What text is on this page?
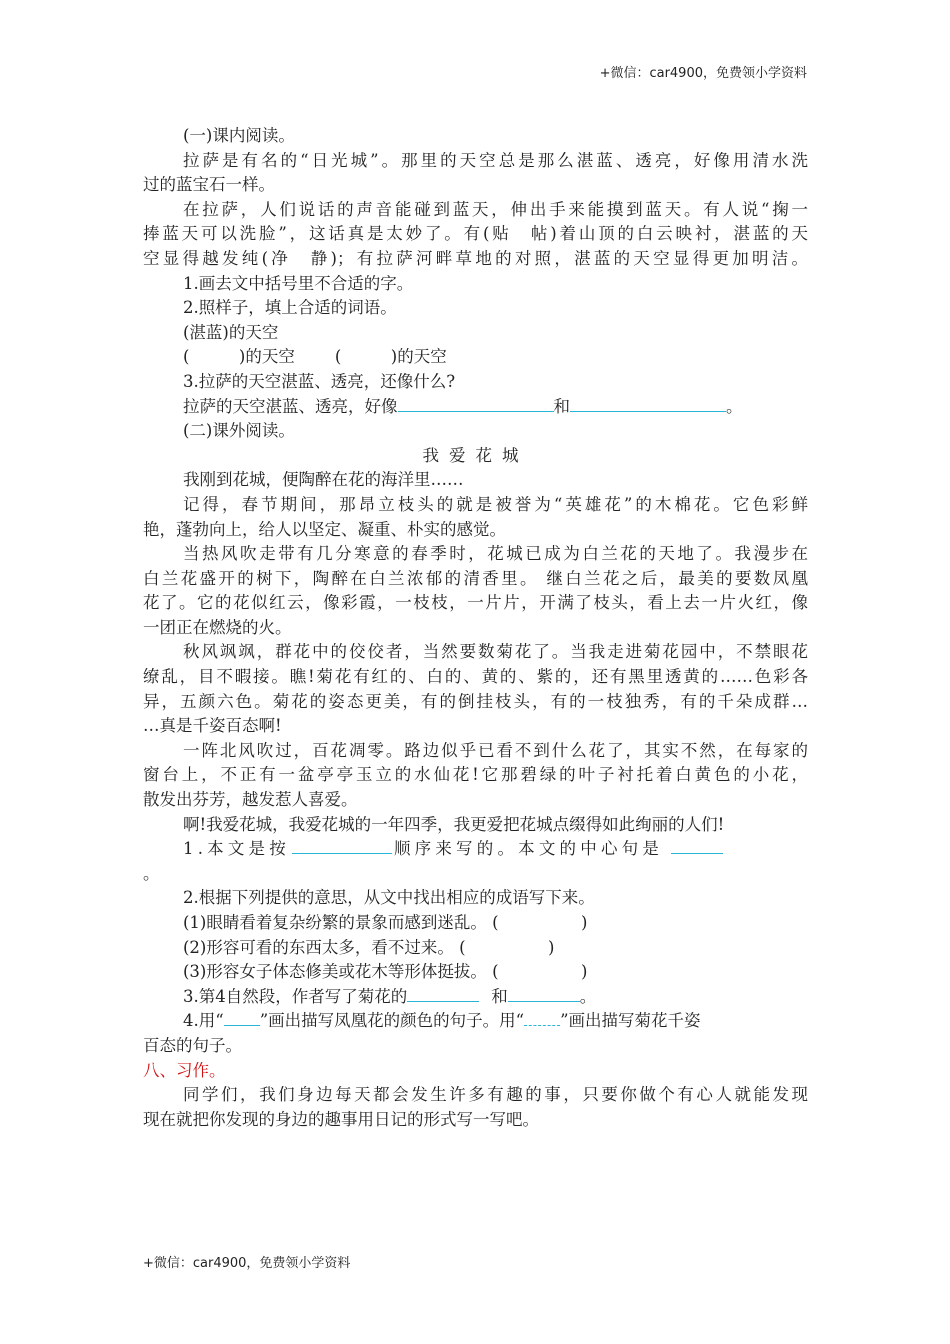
+微信：car4900，免费领小学资料
(一)课内阅读。
拉萨是有名的“日光城”。那里的天空总是那么湛蓝、透亮，好像用清水洗
过的蓝宝石一样。
在拉萨，人们说话的声音能碰到蓝天，伸出手来能摸到蓝天。有人说“掬一
捧蓝天可以洗脸”，这话真是太妙了。有(贴　帖)着山顶的白云映衬，湛蓝的天
空显得越发纯(净　静)；有拉萨河畔草地的对照，湛蓝的天空显得更加明洁。
1.画去文中括号里不合适的字。
2.照样子，填上合适的词语。
(湛蓝)的天空
(　　　)的天空 (　　　)的天空
3.拉萨的天空湛蓝、透亮，还像什么?
拉萨的天空湛蓝、透亮，好像	和	。
(二)课外阅读。
我爱花城
我刚到花城，便陶醉在花的海洋里……
记得，春节期间，那昂立枝头的就是被誉为“英雄花”的木棉花。它色彩鲜
艳，蓬勃向上，给人以坚定、凝重、朴实的感觉。
当热风吹走带有几分寒意的春季时，花城已成为白兰花的天地了。我漫步在
白兰花盛开的树下，陶醉在白兰浓郁的清香里。 继白兰花之后，最美的要数凤凰
花了。它的花似红云，像彩霞，一枝枝，一片片，开满了枝头，看上去一片火红，像
一团正在燃烧的火。
秋风飒飒，群花中的佼佼者，当然要数菊花了。当我走进菊花园中，不禁眼花
缭乱，目不暇接。瞧!菊花有红的、白的、黄的、紫的，还有黑里透黄的……色彩各
异，五颜六色。菊花的姿态更美，有的倒挂枝头，有的一枝独秀，有的千朵成群…
…真是千姿百态啊!
一阵北风吹过，百花凋零。路边似乎已看不到什么花了，其实不然，在每家的
窗台上，不正有一盆亭亭玉立的水仙花!它那碧绿的叶子衬托着白黄色的小花，
散发出芬芳，越发惹人喜爱。
啊!我爱花城，我爱花城的一年四季，我更爱把花城点缀得如此绚丽的人们!
1.本文是按	顺序来写的。本文的中心句是
。
2.根据下列提供的意思，从文中找出相应的成语写下来。
(1)眼睛看着复杂纷繁的景象而感到迷乱。 (　　　　　)
(2)形容可看的东西太多，看不过来。 (　　　　　)
(3)形容女子体态修美或花木等形体挺拔。 (　　　　　)
3.第4自然段，作者写了菊花的	和	。
4.用“ ”画出描写凤凰花的颜色的句子。用“ ”画出描写菊花千姿
百态的句子。
八、习作。
同学们，我们身边每天都会发生许多有趣的事，只要你做个有心人就能发现
现在就把你发现的身边的趣事用日记的形式写一写吧。
+微信：car4900，免费领小学资料
